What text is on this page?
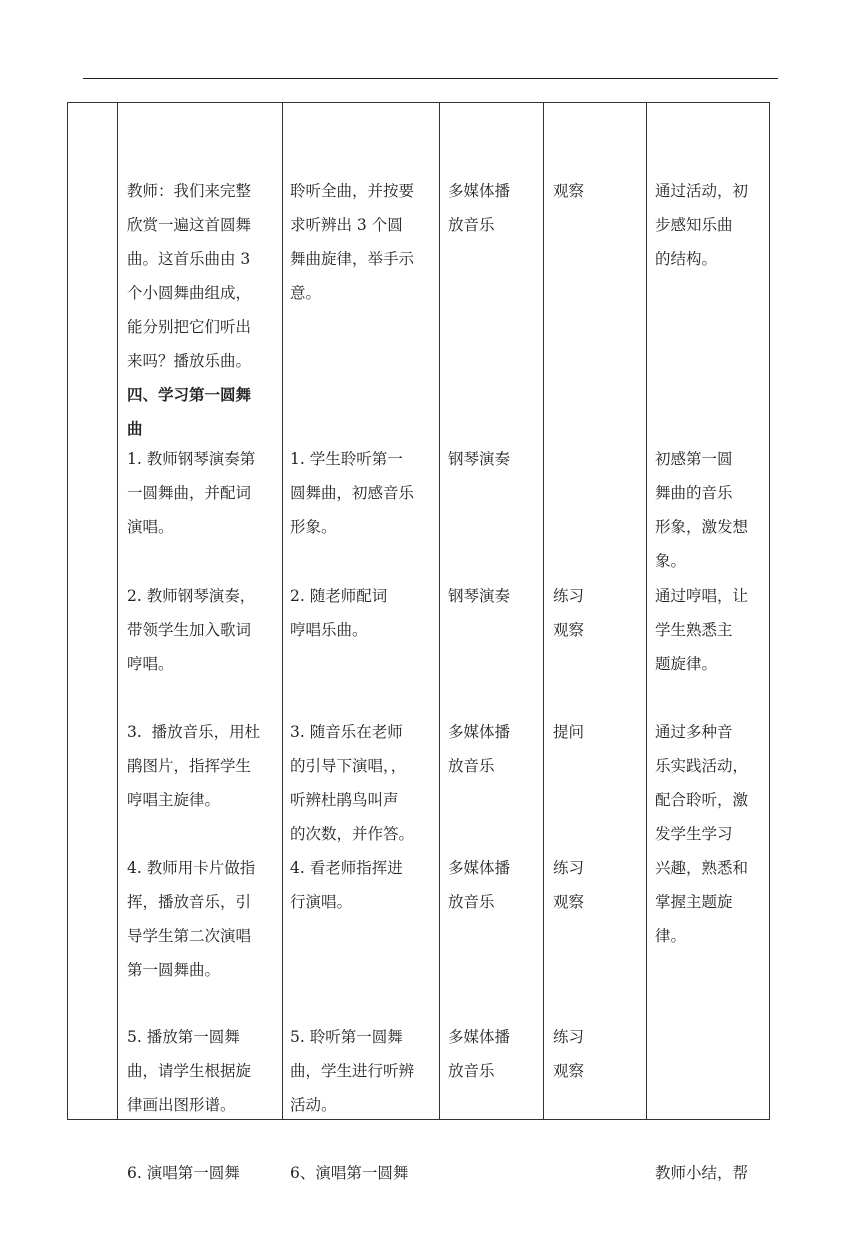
教师：我们来完整
欣赏一遍这首圆舞
曲。这首乐曲由 3
个小圆舞曲组成，
能分别把它们听出
来吗？播放乐曲。

四、学习第一圆舞
曲

1. 教师钢琴演奏第
一圆舞曲，并配词
演唱。

2. 教师钢琴演奏，
带领学生加入歌词
哼唱。

3.  播放音乐，用杜
鹃图片，指挥学生
哼唱主旋律。

4. 教师用卡片做指
挥，播放音乐，引
导学生第二次演唱
第一圆舞曲。

5. 播放第一圆舞
曲，请学生根据旋
律画出图形谱。

6. 演唱第一圆舞

聆听全曲，并按要
求听辨出 3 个圆
舞曲旋律，举手示
意。

1. 学生聆听第一
圆舞曲，初感音乐
形象。

2. 随老师配词
哼唱乐曲。

3. 随音乐在老师
的引导下演唱，，
听辨杜鹃鸟叫声
的次数，并作答。

4. 看老师指挥进
行演唱。

5. 聆听第一圆舞
曲，学生进行听辨
活动。

6、演唱第一圆舞

多媒体播
放音乐

钢琴演奏

钢琴演奏

多媒体播
放音乐

多媒体播
放音乐

多媒体播
放音乐

观察

练习
观察

提问

练习
观察

练习
观察

通过活动，初
步感知乐曲
的结构。

初感第一圆
舞曲的音乐
形象，激发想
象。

通过哼唱，让
学生熟悉主
题旋律。

通过多种音
乐实践活动，
配合聆听，激
发学生学习
兴趣，熟悉和
掌握主题旋
律。

教师小结，帮
